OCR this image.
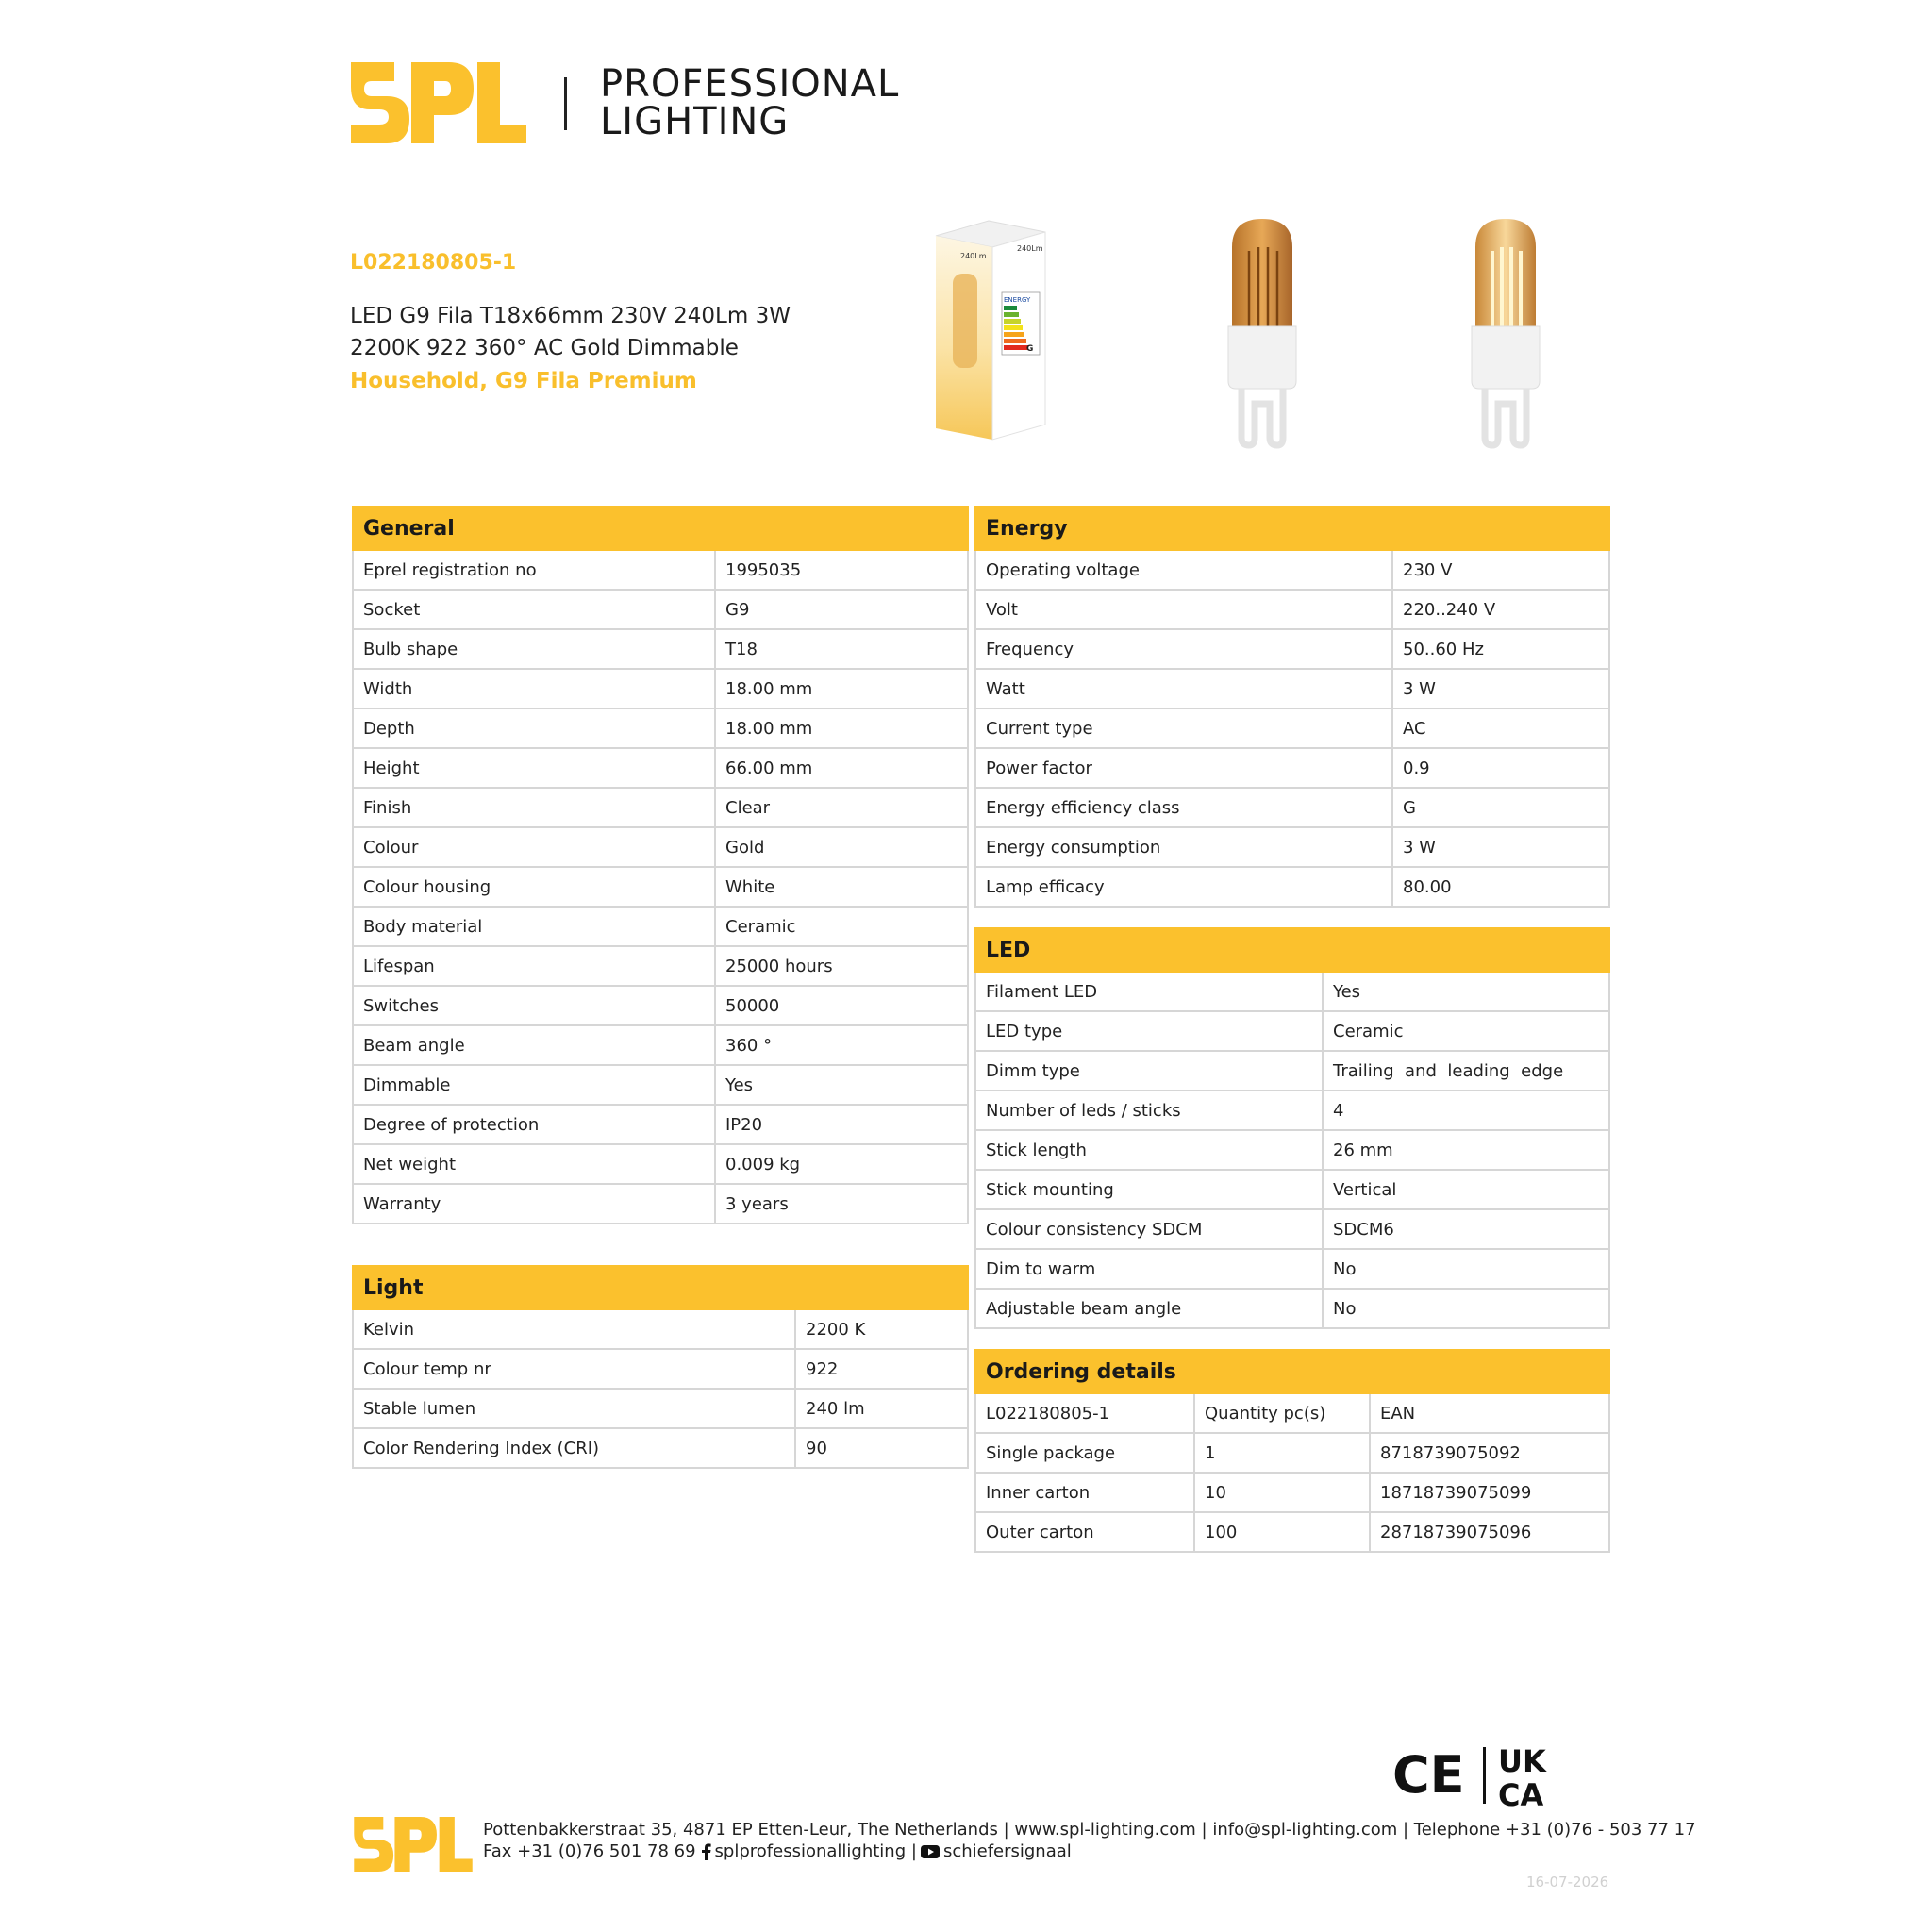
PROFESSIONAL
LIGHTING
L022180805-1
LED G9 Fila T18x66mm 230V 240Lm 3W
2200K 922 360° AC Gold Dimmable
Household, G9 Fila Premium
ENERGY
G
240Lm
240Lm
General	
Eprel registration no	1995035
Socket	G9
Bulb shape	T18
Width	18.00 mm
Depth	18.00 mm
Height	66.00 mm
Finish	Clear
Colour	Gold
Colour housing	White
Body material	Ceramic
Lifespan	25000 hours
Switches	50000
Beam angle	360 °
Dimmable	Yes
Degree of protection	IP20
Net weight	0.009 kg
Warranty	3 years
Light	
Kelvin	2200 K
Colour temp nr	922
Stable lumen	240 lm
Color Rendering Index (CRI)	90
Energy	
Operating voltage	230 V
Volt	220..240 V
Frequency	50..60 Hz
Watt	3 W
Current type	AC
Power factor	0.9
Energy efficiency class	G
Energy consumption	3 W
Lamp efficacy	80.00
LED	
Filament LED	Yes
LED type	Ceramic
Dimm type	Trailing  and  leading  edge
Number of leds / sticks	4
Stick length	26 mm
Stick mounting	Vertical
Colour consistency SDCM	SDCM6
Dim to warm	No
Adjustable beam angle	No
Ordering details		
L022180805-1	Quantity pc(s)	EAN
Single package	1	8718739075092
Inner carton	10	18718739075099
Outer carton	100	28718739075096
CE UK
CA
Pottenbakkerstraat 35, 4871 EP Etten-Leur, The Netherlands | www.spl-lighting.com | info@spl-lighting.com | Telephone +31 (0)76 - 503 77 17
Fax +31 (0)76 501 78 69 splprofessionallighting | schiefersignaal
16-07-2026
